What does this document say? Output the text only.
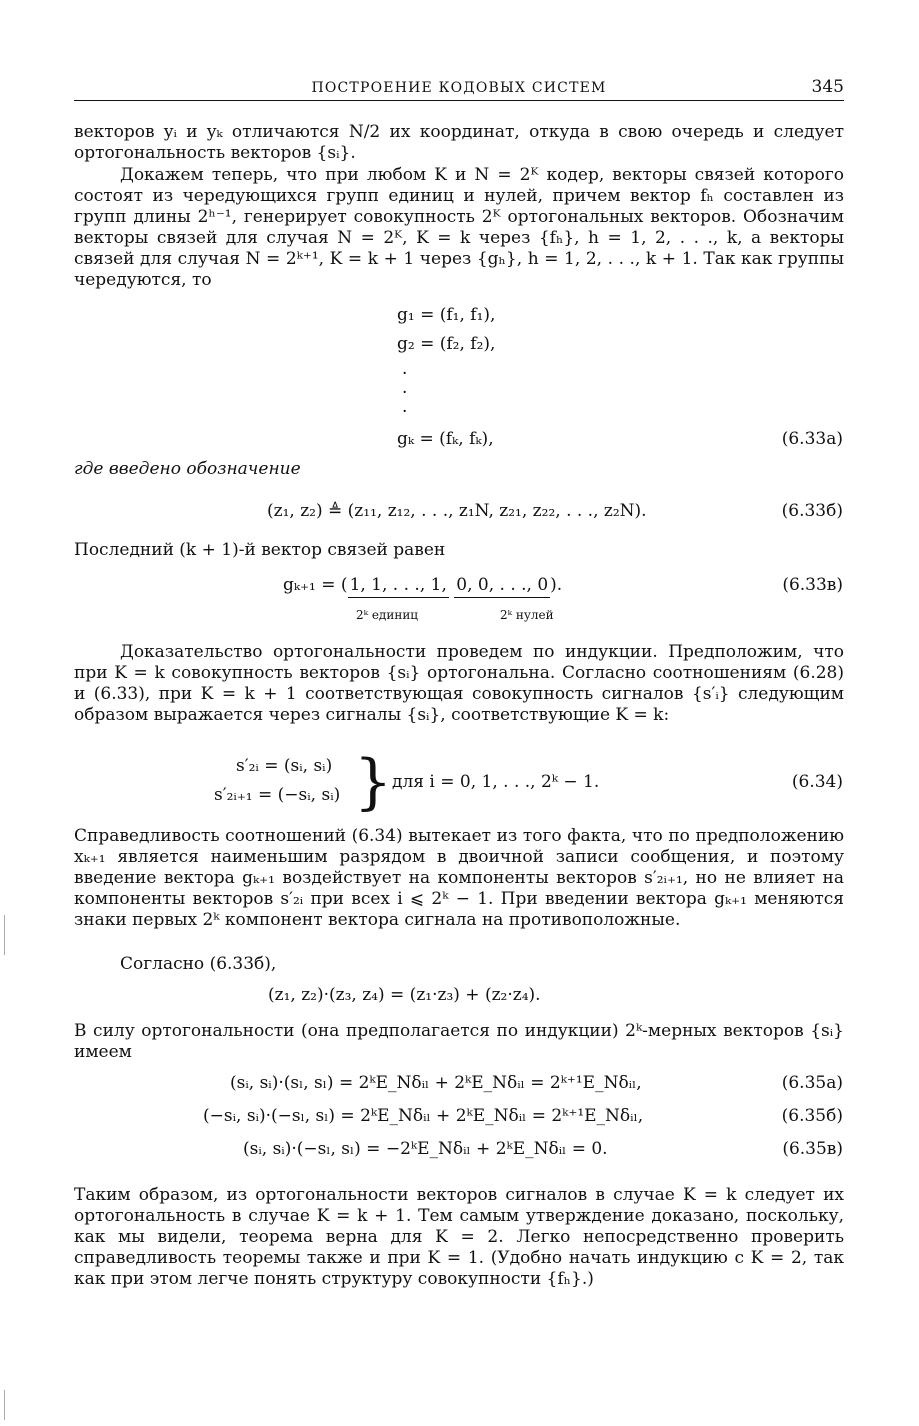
ПОСТРОЕНИЕ КОДОВЫХ СИСТЕМ	345

векторов yᵢ и yₖ отличаются N/2 их координат, откуда в свою очередь и следует ортогональность векторов {sᵢ}.

Докажем теперь, что при любом K и N = 2ᴷ кодер, векторы связей которого состоят из чередующихся групп единиц и нулей, причем вектор fₕ составлен из групп длины 2ʰ⁻¹, генерирует совокупность 2ᴷ ортогональных векторов. Обозначим векторы связей для случая N = 2ᴷ, K = k через {fₕ}, h = 1, 2, . . ., k, а векторы связей для случая N = 2ᵏ⁺¹, K = k + 1 через {gₕ}, h = 1, 2, . . ., k + 1. Так как группы чередуются, то

g₁ = (f₁, f₁),
g₂ = (f₂, f₂),
·
·
·
gₖ = (fₖ, fₖ),	(6.33а)

где введено обозначение

(z₁, z₂) ≜ (z₁₁, z₁₂, . . ., z₁N, z₂₁, z₂₂, . . ., z₂N).	(6.33б)

Последний (k + 1)-й вектор связей равен

gₖ₊₁ = ( 1, 1, . . ., 1, 0, 0, . . ., 0 ).
2ᵏ единиц	2ᵏ нулей
(6.33в)

Доказательство ортогональности проведем по индукции. Предположим, что при K = k совокупность векторов {sᵢ} ортогональна. Согласно соотношениям (6.28) и (6.33), при K = k + 1 соответствующая совокупность сигналов {s′ᵢ} следующим образом выражается через сигналы {sᵢ}, соответствующие K = k:

s′₂ᵢ = (sᵢ, sᵢ)
s′₂ᵢ₊₁ = (−sᵢ, sᵢ) } для i = 0, 1, . . ., 2ᵏ − 1.	(6.34)

Справедливость соотношений (6.34) вытекает из того факта, что по предположению xₖ₊₁ является наименьшим разрядом в двоичной записи сообщения, и поэтому введение вектора gₖ₊₁ воздействует на компоненты векторов s′₂ᵢ₊₁, но не влияет на компоненты векторов s′₂ᵢ при всех i ⩽ 2ᵏ − 1. При введении вектора gₖ₊₁ меняются знаки первых 2ᵏ компонент вектора сигнала на противоположные.

Согласно (6.33б),

(z₁, z₂)·(z₃, z₄) = (z₁·z₃) + (z₂·z₄).

В силу ортогональности (она предполагается по индукции) 2ᵏ-мерных векторов {sᵢ} имеем

(sᵢ, sᵢ)·(sₗ, sₗ) = 2ᵏE_Nδᵢₗ + 2ᵏE_Nδᵢₗ = 2ᵏ⁺¹E_Nδᵢₗ,	(6.35а)
(−sᵢ, sᵢ)·(−sₗ, sₗ) = 2ᵏE_Nδᵢₗ + 2ᵏE_Nδᵢₗ = 2ᵏ⁺¹E_Nδᵢₗ,	(6.35б)
(sᵢ, sᵢ)·(−sₗ, sₗ) = −2ᵏE_Nδᵢₗ + 2ᵏE_Nδᵢₗ = 0.	(6.35в)

Таким образом, из ортогональности векторов сигналов в случае K = k следует их ортогональность в случае K = k + 1. Тем самым утверждение доказано, поскольку, как мы видели, теорема верна для K = 2. Легко непосредственно проверить справедливость теоремы также и при K = 1. (Удобно начать индукцию с K = 2, так как при этом легче понять структуру совокупности {fₕ}.)
